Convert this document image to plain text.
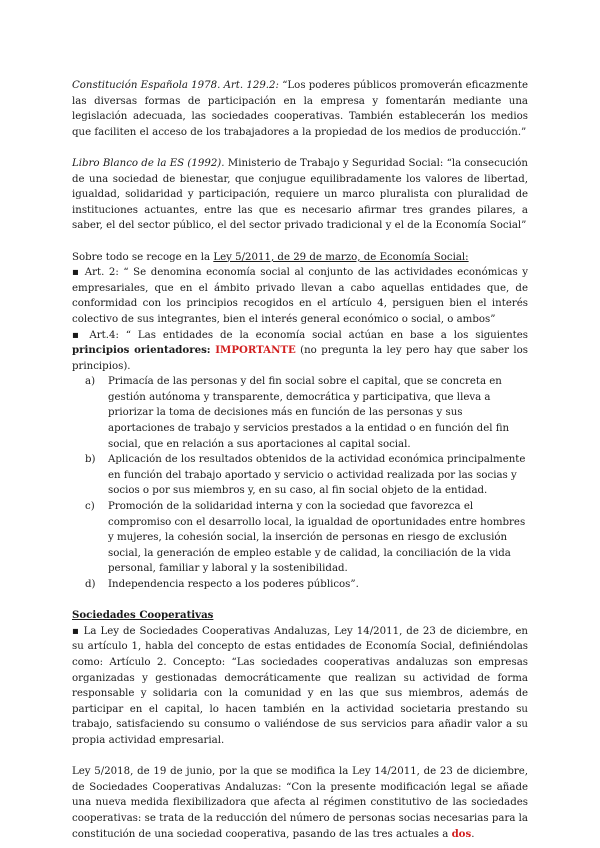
Constitución Española 1978. Art. 129.2: “Los poderes públicos promoverán eficazmente las diversas formas de participación en la empresa y fomentarán mediante una legislación adecuada, las sociedades cooperativas. También establecerán los medios que faciliten el acceso de los trabajadores a la propiedad de los medios de producción.”

Libro Blanco de la ES (1992). Ministerio de Trabajo y Seguridad Social: “la consecución de una sociedad de bienestar, que conjugue equilibradamente los valores de libertad, igualdad, solidaridad y participación, requiere un marco pluralista con pluralidad de instituciones actuantes, entre las que es necesario afirmar tres grandes pilares, a saber, el del sector público, el del sector privado tradicional y el de la Economía Social”

Sobre todo se recoge en la Ley 5/2011, de 29 de marzo, de Economía Social:

▪ Art. 2: “ Se denomina economía social al conjunto de las actividades económicas y empresariales, que en el ámbito privado llevan a cabo aquellas entidades que, de conformidad con los principios recogidos en el artículo 4, persiguen bien el interés colectivo de sus integrantes, bien el interés general económico o social, o ambos”

▪ Art.4: “ Las entidades de la economía social actúan en base a los siguientes principios orientadores: IMPORTANTE (no pregunta la ley pero hay que saber los principios).

a) Primacía de las personas y del fin social sobre el capital, que se concreta en gestión autónoma y transparente, democrática y participativa, que lleva a priorizar la toma de decisiones más en función de las personas y sus aportaciones de trabajo y servicios prestados a la entidad o en función del fin social, que en relación a sus aportaciones al capital social.
b) Aplicación de los resultados obtenidos de la actividad económica principalmente en función del trabajo aportado y servicio o actividad realizada por las socias y socios o por sus miembros y, en su caso, al fin social objeto de la entidad.
c) Promoción de la solidaridad interna y con la sociedad que favorezca el compromiso con el desarrollo local, la igualdad de oportunidades entre hombres y mujeres, la cohesión social, la inserción de personas en riesgo de exclusión social, la generación de empleo estable y de calidad, la conciliación de la vida personal, familiar y laboral y la sostenibilidad.
d) Independencia respecto a los poderes públicos”.

Sociedades Cooperativas

▪ La Ley de Sociedades Cooperativas Andaluzas, Ley 14/2011, de 23 de diciembre, en su artículo 1, habla del concepto de estas entidades de Economía Social, definiéndolas como: Artículo 2. Concepto: “Las sociedades cooperativas andaluzas son empresas organizadas y gestionadas democráticamente que realizan su actividad de forma responsable y solidaria con la comunidad y en las que sus miembros, además de participar en el capital, lo hacen también en la actividad societaria prestando su trabajo, satisfaciendo su consumo o valiéndose de sus servicios para añadir valor a su propia actividad empresarial.

Ley 5/2018, de 19 de junio, por la que se modifica la Ley 14/2011, de 23 de diciembre, de Sociedades Cooperativas Andaluzas: “Con la presente modificación legal se añade una nueva medida flexibilizadora que afecta al régimen constitutivo de las sociedades cooperativas: se trata de la reducción del número de personas socias necesarias para la constitución de una sociedad cooperativa, pasando de las tres actuales a dos.
